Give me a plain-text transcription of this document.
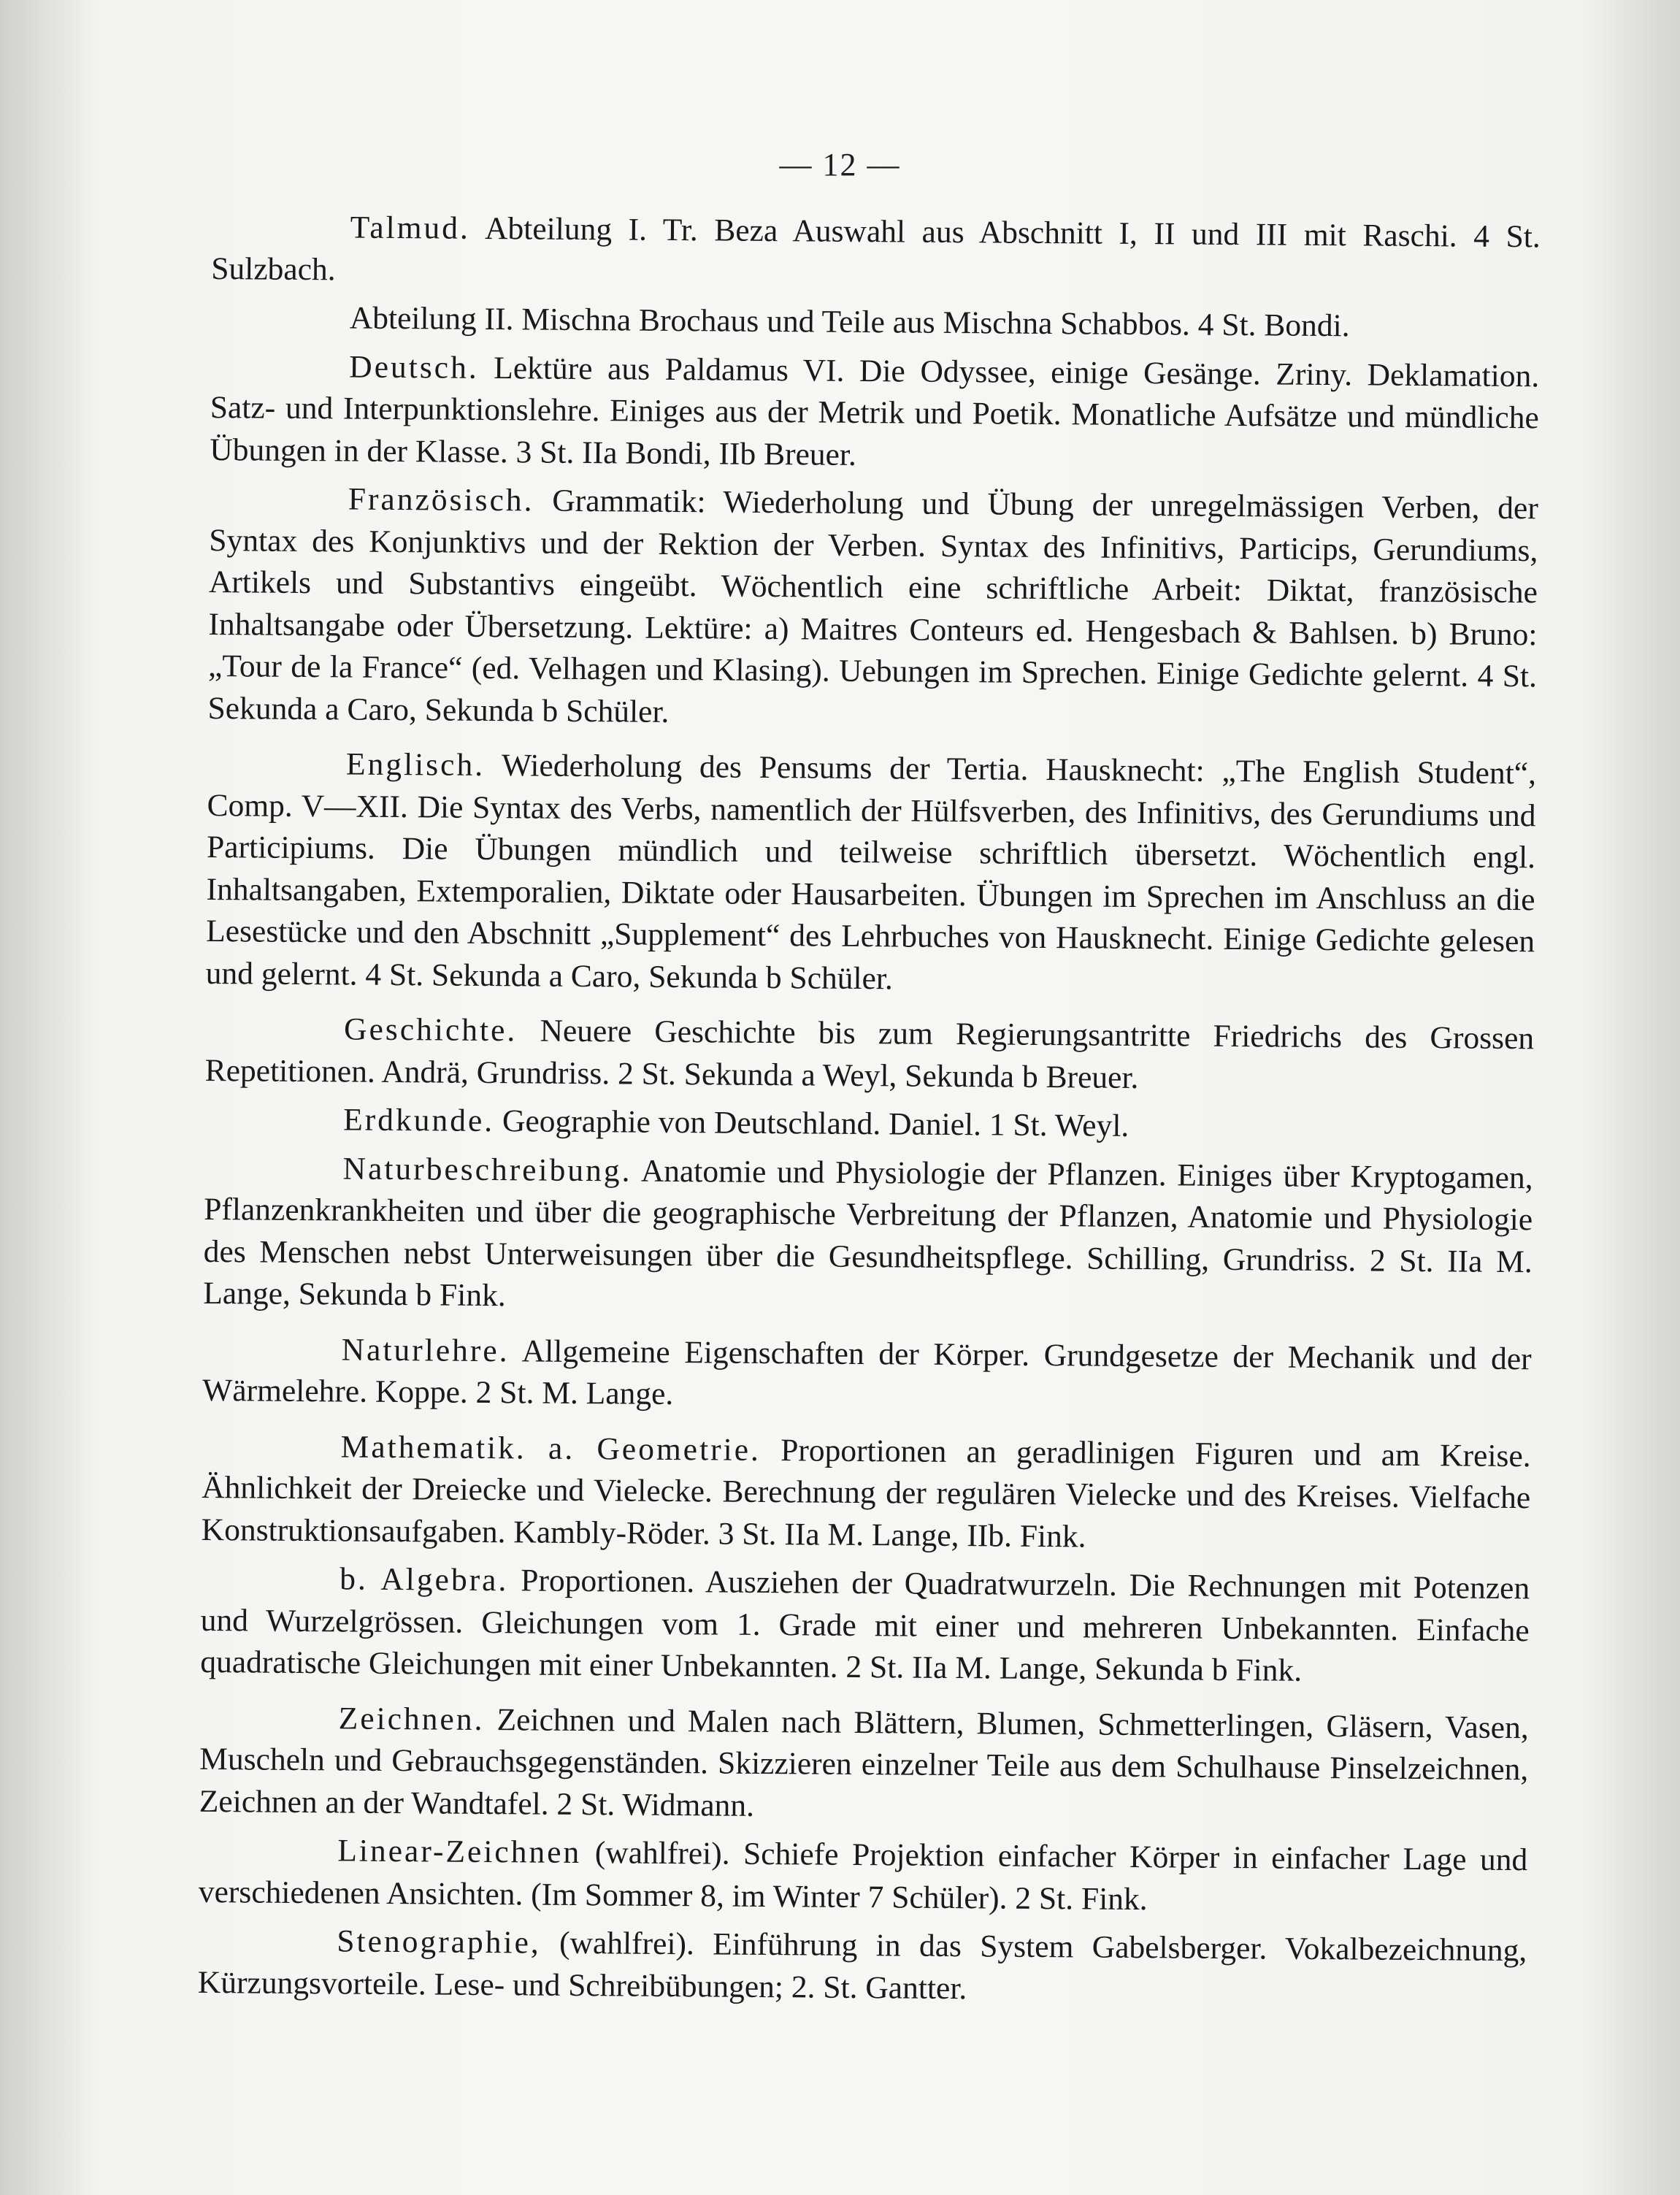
— 12 —

Talmud. Abteilung I. Tr. Beza Auswahl aus Abschnitt I, II und III mit Raschi. 4 St. Sulzbach.

Abteilung II. Mischna Brochaus und Teile aus Mischna Schabbos. 4 St. Bondi.

Deutsch. Lektüre aus Paldamus VI. Die Odyssee, einige Gesänge. Zriny. Deklamation. Satz- und Interpunktionslehre. Einiges aus der Metrik und Poetik. Monatliche Aufsätze und mündliche Übungen in der Klasse. 3 St. IIa Bondi, IIb Breuer.

Französisch. Grammatik: Wiederholung und Übung der unregelmässigen Verben, der Syntax des Konjunktivs und der Rektion der Verben. Syntax des Infinitivs, Particips, Gerundiums, Artikels und Substantivs eingeübt. Wöchentlich eine schriftliche Arbeit: Diktat, französische Inhaltsangabe oder Übersetzung. Lektüre: a) Maitres Conteurs ed. Hengesbach & Bahlsen. b) Bruno: „Tour de la France“ (ed. Velhagen und Klasing). Uebungen im Sprechen. Einige Gedichte gelernt. 4 St. Sekunda a Caro, Sekunda b Schüler.

Englisch. Wiederholung des Pensums der Tertia. Hausknecht: „The English Student“, Comp. V—XII. Die Syntax des Verbs, namentlich der Hülfsverben, des Infinitivs, des Gerundiums und Participiums. Die Übungen mündlich und teilweise schriftlich übersetzt. Wöchentlich engl. Inhaltsangaben, Extemporalien, Diktate oder Hausarbeiten. Übungen im Sprechen im Anschluss an die Lesestücke und den Abschnitt „Supplement“ des Lehrbuches von Hausknecht. Einige Gedichte gelesen und gelernt. 4 St. Sekunda a Caro, Sekunda b Schüler.

Geschichte. Neuere Geschichte bis zum Regierungsantritte Friedrichs des Grossen Repetitionen. Andrä, Grundriss. 2 St. Sekunda a Weyl, Sekunda b Breuer.

Erdkunde. Geographie von Deutschland. Daniel. 1 St. Weyl.

Naturbeschreibung. Anatomie und Physiologie der Pflanzen. Einiges über Kryptogamen, Pflanzenkrankheiten und über die geographische Verbreitung der Pflanzen, Anatomie und Physiologie des Menschen nebst Unterweisungen über die Gesundheitspflege. Schilling, Grundriss. 2 St. IIa M. Lange, Sekunda b Fink.

Naturlehre. Allgemeine Eigenschaften der Körper. Grundgesetze der Mechanik und der Wärmelehre. Koppe. 2 St. M. Lange.

Mathematik. a. Geometrie. Proportionen an geradlinigen Figuren und am Kreise. Ähnlichkeit der Dreiecke und Vielecke. Berechnung der regulären Vielecke und des Kreises. Vielfache Konstruktionsaufgaben. Kambly-Röder. 3 St. IIa M. Lange, IIb. Fink.

b. Algebra. Proportionen. Ausziehen der Quadratwurzeln. Die Rechnungen mit Potenzen und Wurzelgrössen. Gleichungen vom 1. Grade mit einer und mehreren Unbekannten. Einfache quadratische Gleichungen mit einer Unbekannten. 2 St. IIa M. Lange, Sekunda b Fink.

Zeichnen. Zeichnen und Malen nach Blättern, Blumen, Schmetterlingen, Gläsern, Vasen, Muscheln und Gebrauchsgegenständen. Skizzieren einzelner Teile aus dem Schulhause Pinselzeichnen, Zeichnen an der Wandtafel. 2 St. Widmann.

Linear-Zeichnen (wahlfrei). Schiefe Projektion einfacher Körper in einfacher Lage und verschiedenen Ansichten. (Im Sommer 8, im Winter 7 Schüler). 2 St. Fink.

Stenographie, (wahlfrei). Einführung in das System Gabelsberger. Vokalbezeichnung, Kürzungsvorteile. Lese- und Schreibübungen; 2. St. Gantter.
